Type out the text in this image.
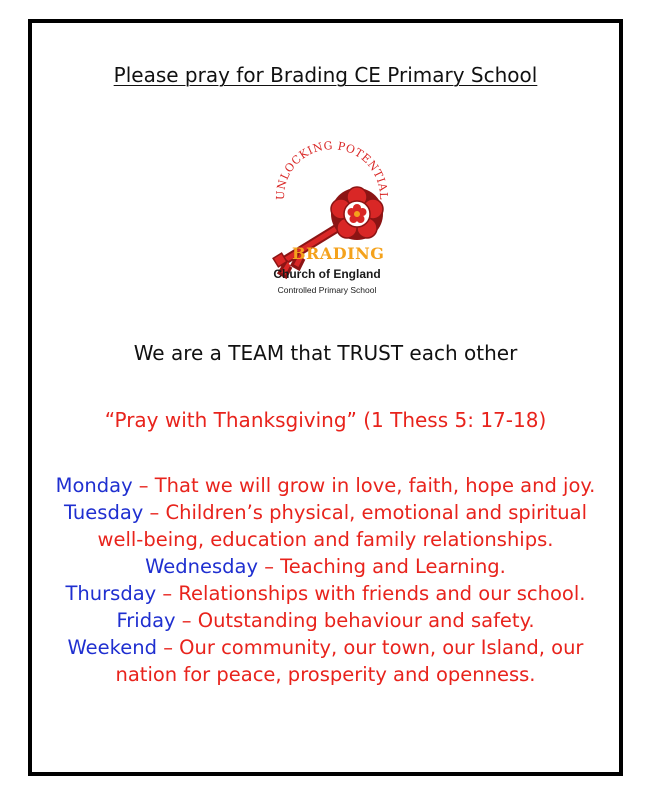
Please pray for Brading CE Primary School
UNLOCKING POTENTIAL
BRADING
Church of England
Controlled Primary School
We are a TEAM that TRUST each other
“Pray with Thanksgiving” (1 Thess 5: 17-18)
Monday – That we will grow in love, faith, hope and joy.
Tuesday – Children’s physical, emotional and spiritual well-being, education and family relationships.
Wednesday – Teaching and Learning.
Thursday – Relationships with friends and our school.
Friday – Outstanding behaviour and safety.
Weekend – Our community, our town, our Island, our nation for peace, prosperity and openness.
